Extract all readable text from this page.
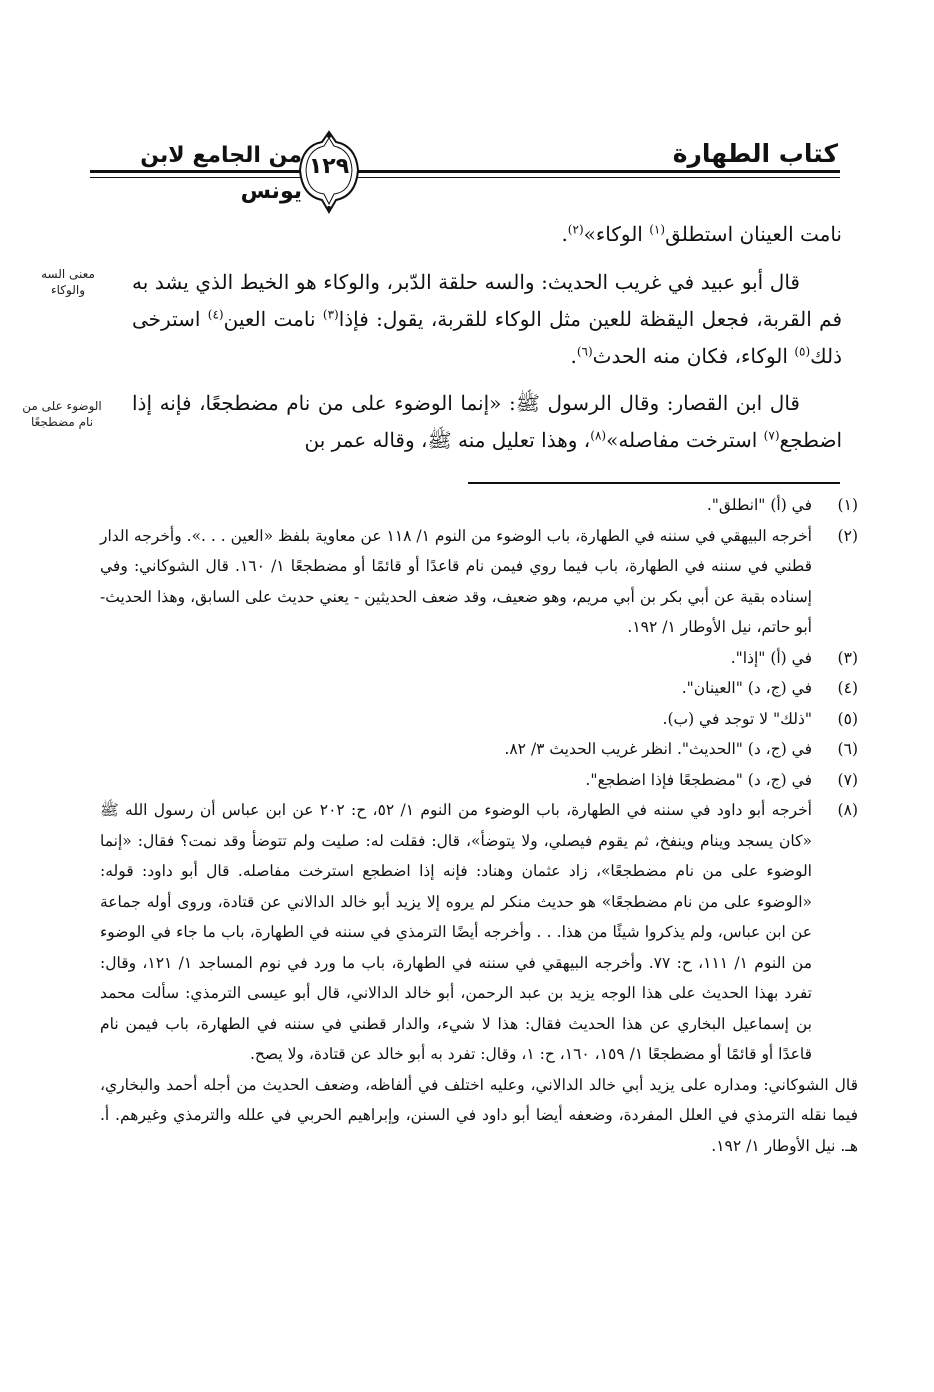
كتاب الطهارة
من الجامع لابن يونس
١٢٩

نامت العينان استطلق$^{(١)}$ الوكاء»$^{(٢)}$.

قال أبو عبيد في غريب الحديث: والسه حلقة الدّبر، والوكاء هو الخيط الذي يشد به فم القربة، فجعل اليقظة للعين مثل الوكاء للقربة، يقول: فإذا$^{(٣)}$ نامت العين$^{(٤)}$ استرخى ذلك$^{(٥)}$ الوكاء، فكان منه الحدث$^{(٦)}$.

قال ابن القصار: وقال الرسول ﷺ: «إنما الوضوء على من نام مضطجعًا، فإنه إذا اضطجع$^{(٧)}$ استرخت مفاصله»$^{(٨)}$، وهذا تعليل منه ﷺ، وقاله عمر بن

معنى السه والوكاء
الوضوء على من نام مضطجعًا
(١)
في (أ) "انطلق".
(٢)
أخرجه البيهقي في سننه في الطهارة، باب الوضوء من النوم ١/ ١١٨ عن معاوية بلفظ «العين . . .». وأخرجه الدار قطني في سننه في الطهارة، باب فيما روي فيمن نام قاعدًا أو قائمًا أو مضطجعًا ١/ ١٦٠. قال الشوكاني: وفي إسناده بقية عن أبي بكر بن أبي مريم، وهو ضعيف، وقد ضعف الحديثين - يعني حديث على السابق، وهذا الحديث- أبو حاتم، نيل الأوطار ١/ ١٩٢.
(٣)
في (أ) "إذا".
(٤)
في (ج، د) "العينان".
(٥)
"ذلك" لا توجد في (ب).
(٦)
في (ج، د) "الحديث". انظر غريب الحديث ٣/ ٨٢.
(٧)
في (ج، د) "مضطجعًا فإذا اضطجع".
(٨)
أخرجه أبو داود في سننه في الطهارة، باب الوضوء من النوم ١/ ٥٢، ح: ٢٠٢ عن ابن عباس أن رسول الله ﷺ «كان يسجد وينام وينفخ، ثم يقوم فيصلي، ولا يتوضأ»، قال: فقلت له: صليت ولم تتوضأ وقد نمت؟ فقال: «إنما الوضوء على من نام مضطجعًا»، زاد عثمان وهناد: فإنه إذا اضطجع استرخت مفاصله. قال أبو داود: قوله: «الوضوء على من نام مضطجعًا» هو حديث منكر لم يروه إلا يزيد أبو خالد الدالاني عن قتادة، وروى أوله جماعة عن ابن عباس، ولم يذكروا شيئًا من هذا. . . وأخرجه أيضًا الترمذي في سننه في الطهارة، باب ما جاء في الوضوء من النوم ١/ ١١١، ح: ٧٧. وأخرجه البيهقي في سننه في الطهارة، باب ما ورد في نوم المساجد ١/ ١٢١، وقال: تفرد بهذا الحديث على هذا الوجه يزيد بن عبد الرحمن، أبو خالد الدالاني، قال أبو عيسى الترمذي: سألت محمد بن إسماعيل البخاري عن هذا الحديث فقال: هذا لا شيء، والدار قطني في سننه في الطهارة، باب فيمن نام قاعدًا أو قائمًا أو مضطجعًا ١/ ١٥٩، ١٦٠، ح: ١، وقال: تفرد به أبو خالد عن قتادة، ولا يصح.
قال الشوكاني: ومداره على يزيد أبي خالد الدالاني، وعليه اختلف في ألفاظه، وضعف الحديث من أجله أحمد والبخاري، فيما نقله الترمذي في العلل المفردة، وضعفه أيضا أبو داود في السنن، وإبراهيم الحربي في علله والترمذي وغيرهم. أ. هـ. نيل الأوطار ١/ ١٩٢.
